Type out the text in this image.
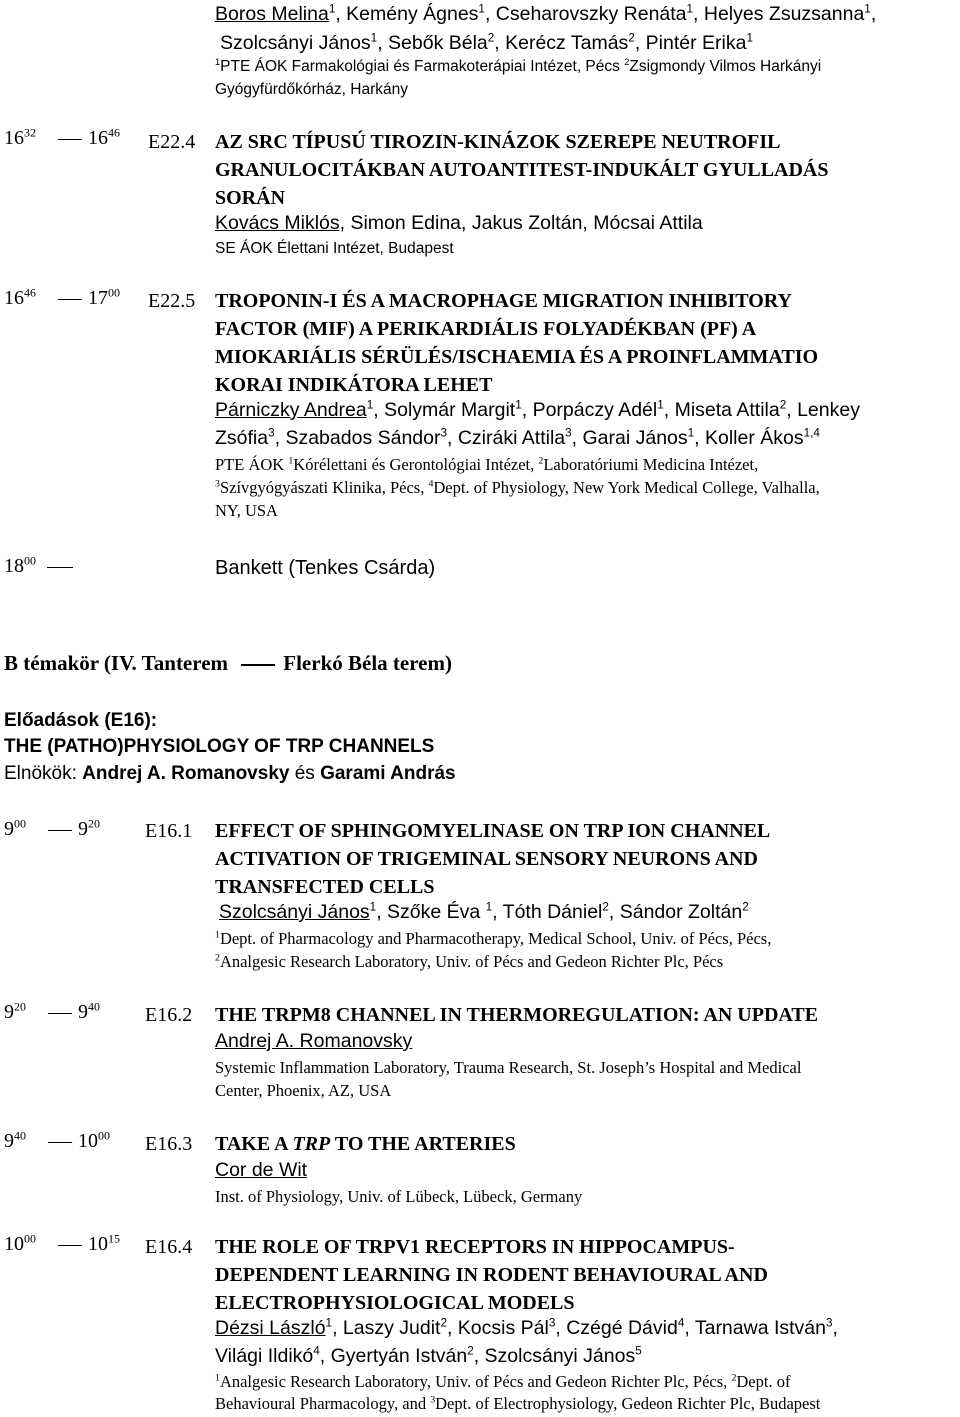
Boros Melina$^1$, Kemény Ágnes$^1$, Cseharovszky Renáta$^1$, Helyes Zsuzsanna$^1$,
Szolcsányi János$^1$, Sebők Béla$^2$, Kerécz Tamás$^2$, Pintér Erika$^1$
$^1$PTE ÁOK Farmakológiai és Farmakoterápiai Intézet, Pécs $^2$Zsigmondy Vilmos Harkányi
Gyógyfürdőkórház, Harkány
$16^{32}$	$16^{46}$ E22.4 AZ SRC TÍPUSÚ TIROZIN-KINÁZOK SZEREPE NEUTROFIL
GRANULOCITÁKBAN AUTOANTITEST-INDUKÁLT GYULLADÁS
SORÁN
Kovács Miklós, Simon Edina, Jakus Zoltán, Mócsai Attila
SE ÁOK Élettani Intézet, Budapest
$16^{46}$	$17^{00}$ E22.5 TROPONIN-I ÉS A MACROPHAGE MIGRATION INHIBITORY
FACTOR (MIF) A PERIKARDIÁLIS FOLYADÉKBAN (PF) A
MIOKARIÁLIS SÉRÜLÉS/ISCHAEMIA ÉS A PROINFLAMMATIO
KORAI INDIKÁTORA LEHET
Párniczky Andrea$^1$, Solymár Margit$^1$, Porpáczy Adél$^1$, Miseta Attila$^2$, Lenkey
Zsófia$^3$, Szabados Sándor$^3$, Cziráki Attila$^3$, Garai János$^1$, Koller Ákos$^{1,4}$
PTE ÁOK $^1$Kórélettani és Gerontológiai Intézet, $^2$Laboratóriumi Medicina Intézet,
$^3$Szívgyógyászati Klinika, Pécs, $^4$Dept. of Physiology, New York Medical College, Valhalla,
NY, USA
$18^{00}$	Bankett (Tenkes Csárda)
B témakör (IV. Tanterem Flerkó Béla terem)
Előadások (E16):
THE (PATHO)PHYSIOLOGY OF TRP CHANNELS
Elnökök: Andrej A. Romanovsky és Garami András
$9^{00}$	$9^{20}$ E16.1 EFFECT OF SPHINGOMYELINASE ON TRP ION CHANNEL
ACTIVATION OF TRIGEMINAL SENSORY NEURONS AND
TRANSFECTED CELLS
Szolcsányi János$^1$, Szőke Éva $^1$, Tóth Dániel$^2$, Sándor Zoltán$^2$
$^1$Dept. of Pharmacology and Pharmacotherapy, Medical School, Univ. of Pécs, Pécs,
$^2$Analgesic Research Laboratory, Univ. of Pécs and Gedeon Richter Plc, Pécs
$9^{20}$	$9^{40}$ E16.2 THE TRPM8 CHANNEL IN THERMOREGULATION: AN UPDATE
Andrej A. Romanovsky
Systemic Inflammation Laboratory, Trauma Research, St. Joseph’s Hospital and Medical
Center, Phoenix, AZ, USA
$9^{40}$	$10^{00}$ E16.3 TAKE A TRP TO THE ARTERIES
Cor de Wit
Inst. of Physiology, Univ. of Lübeck, Lübeck, Germany
$10^{00}$	$10^{15}$ E16.4 THE ROLE OF TRPV1 RECEPTORS IN HIPPOCAMPUS-
DEPENDENT LEARNING IN RODENT BEHAVIOURAL AND
ELECTROPHYSIOLOGICAL MODELS
Dézsi László$^1$, Laszy Judit$^2$, Kocsis Pál$^3$, Czégé Dávid$^4$, Tarnawa István$^3$,
Világi Ildikó$^4$, Gyertyán István$^2$, Szolcsányi János$^5$
$^1$Analgesic Research Laboratory, Univ. of Pécs and Gedeon Richter Plc, Pécs, $^2$Dept. of
Behavioural Pharmacology, and $^3$Dept. of Electrophysiology, Gedeon Richter Plc, Budapest
